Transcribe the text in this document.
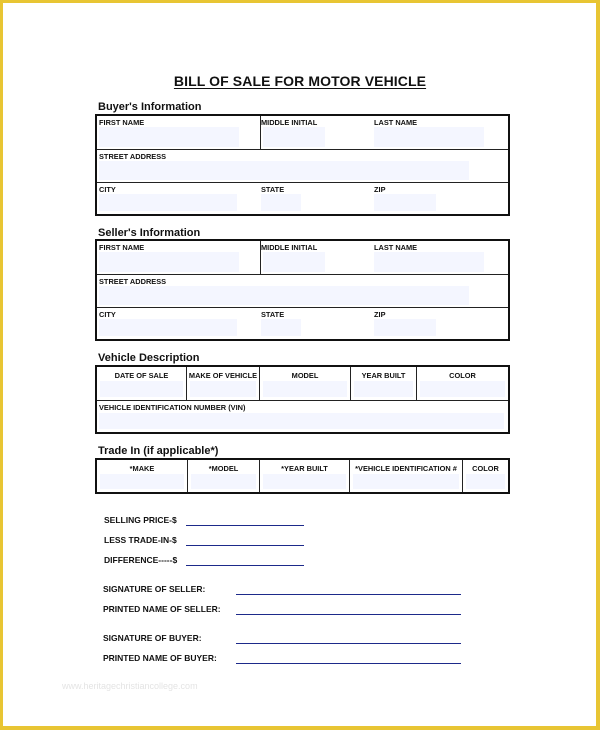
BILL OF SALE FOR MOTOR VEHICLE
Buyer's Information
FIRST NAME	MIDDLE INITIAL	LAST NAME
STREET ADDRESS
CITY	STATE	ZIP
Seller's Information
FIRST NAME	MIDDLE INITIAL	LAST NAME
STREET ADDRESS
CITY	STATE	ZIP
Vehicle Description
DATE OF SALE	MAKE OF VEHICLE	MODEL	YEAR BUILT	COLOR
VEHICLE IDENTIFICATION NUMBER (VIN)
Trade In (if applicable*)
*MAKE	*MODEL	*YEAR BUILT	*VEHICLE IDENTIFICATION #	COLOR
SELLING PRICE-$
LESS TRADE-IN-$
DIFFERENCE-----$
SIGNATURE OF SELLER:
PRINTED NAME OF SELLER:
SIGNATURE OF BUYER:
PRINTED NAME OF BUYER:
www.heritagechristiancollege.com
